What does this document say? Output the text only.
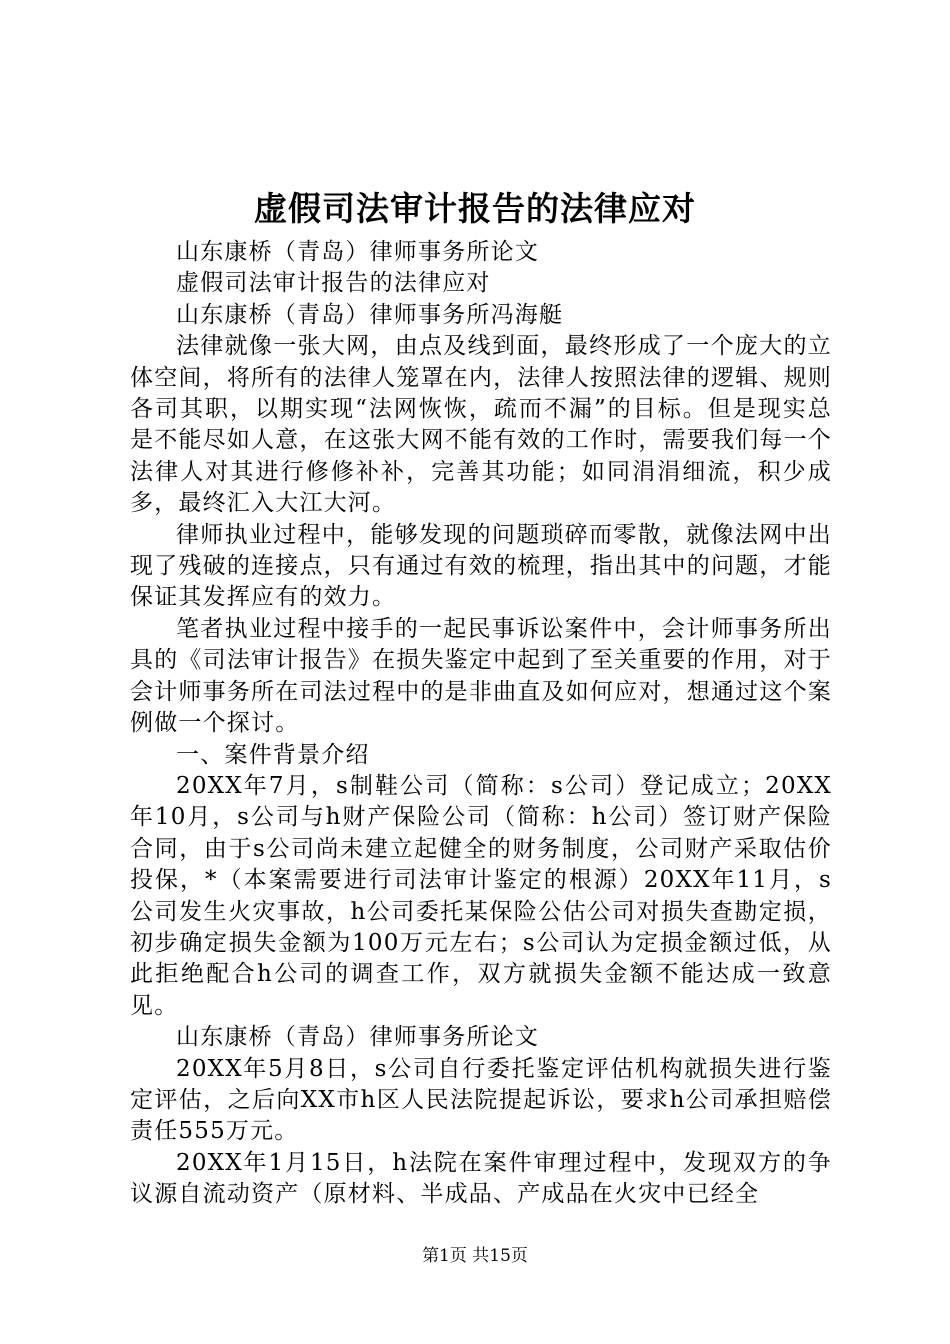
虚假司法审计报告的法律应对

山东康桥（青岛）律师事务所论文

虚假司法审计报告的法律应对

山东康桥（青岛）律师事务所冯海艇

法律就像一张大网，由点及线到面，最终形成了一个庞大的立体空间，将所有的法律人笼罩在内，法律人按照法律的逻辑、规则各司其职，以期实现“法网恢恢，疏而不漏”的目标。但是现实总是不能尽如人意，在这张大网不能有效的工作时，需要我们每一个法律人对其进行修修补补，完善其功能；如同涓涓细流，积少成多，最终汇入大江大河。

律师执业过程中，能够发现的问题琐碎而零散，就像法网中出现了残破的连接点，只有通过有效的梳理，指出其中的问题，才能保证其发挥应有的效力。

笔者执业过程中接手的一起民事诉讼案件中，会计师事务所出具的《司法审计报告》在损失鉴定中起到了至关重要的作用，对于会计师事务所在司法过程中的是非曲直及如何应对，想通过这个案例做一个探讨。

一、案件背景介绍

20XX年7月，s制鞋公司（简称：s公司）登记成立；20XX年10月，s公司与h财产保险公司（简称：h公司）签订财产保险合同，由于s公司尚未建立起健全的财务制度，公司财产采取估价投保，*（本案需要进行司法审计鉴定的根源）20XX年11月，s公司发生火灾事故，h公司委托某保险公估公司对损失查勘定损，初步确定损失金额为100万元左右；s公司认为定损金额过低，从此拒绝配合h公司的调查工作，双方就损失金额不能达成一致意见。

山东康桥（青岛）律师事务所论文

20XX年5月8日，s公司自行委托鉴定评估机构就损失进行鉴定评估，之后向XX市h区人民法院提起诉讼，要求h公司承担赔偿责任555万元。

20XX年1月15日，h法院在案件审理过程中，发现双方的争议源自流动资产（原材料、半成品、产成品在火灾中已经全

第1页 共15页
